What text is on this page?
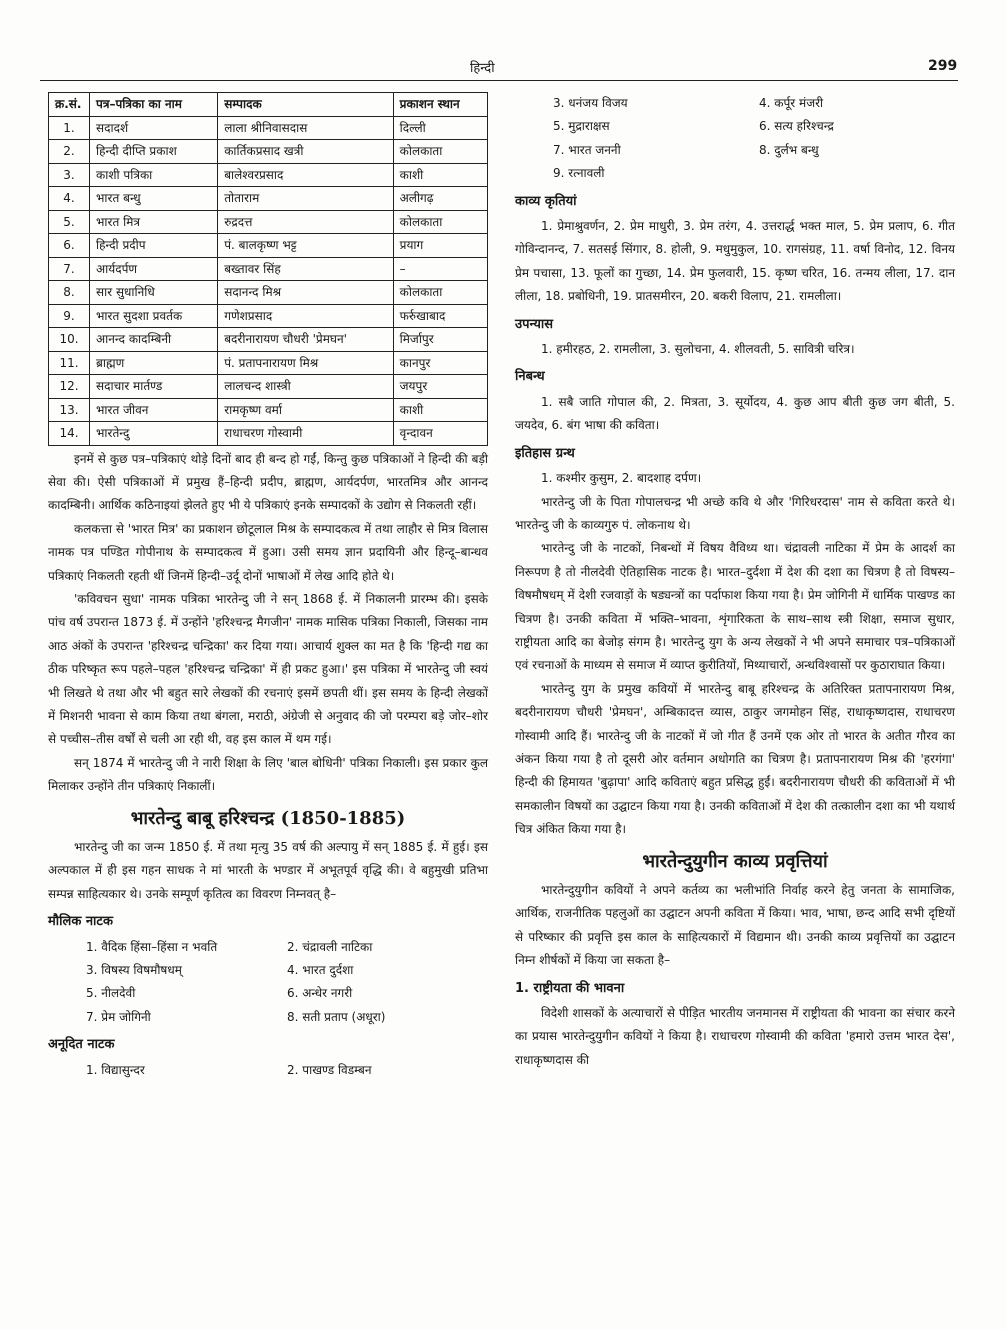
हिन्दी	299
क्र.सं.	पत्र–पत्रिका का नाम	सम्पादक	प्रकाशन स्थान
1.	सदादर्श	लाला श्रीनिवासदास	दिल्ली
2.	हिन्दी दीप्ति प्रकाश	कार्तिकप्रसाद खत्री	कोलकाता
3.	काशी पत्रिका	बालेश्वरप्रसाद	काशी
4.	भारत बन्धु	तोताराम	अलीगढ़
5.	भारत मित्र	रुद्रदत्त	कोलकाता
6.	हिन्दी प्रदीप	पं. बालकृष्ण भट्ट	प्रयाग
7.	आर्यदर्पण	बख्तावर सिंह	–
8.	सार सुधानिधि	सदानन्द मिश्र	कोलकाता
9.	भारत सुदशा प्रवर्तक	गणेशप्रसाद	फर्रुखाबाद
10.	आनन्द कादम्बिनी	बदरीनारायण चौधरी 'प्रेमघन'	मिर्जापुर
11.	ब्राह्मण	पं. प्रतापनारायण मिश्र	कानपुर
12.	सदाचार मार्तण्ड	लालचन्द शास्त्री	जयपुर
13.	भारत जीवन	रामकृष्ण वर्मा	काशी
14.	भारतेन्दु	राधाचरण गोस्वामी	वृन्दावन

इनमें से कुछ पत्र–पत्रिकाएं थोड़े दिनों बाद ही बन्द हो गईं, किन्तु कुछ पत्रिकाओं ने हिन्दी की बड़ी सेवा की। ऐसी पत्रिकाओं में प्रमुख हैं–हिन्दी प्रदीप, ब्राह्मण, आर्यदर्पण, भारतमित्र और आनन्द कादम्बिनी। आर्थिक कठिनाइयां झेलते हुए भी ये पत्रिकाएं इनके सम्पादकों के उद्योग से निकलती रहीं।

कलकत्ता से 'भारत मित्र' का प्रकाशन छोटूलाल मिश्र के सम्पादकत्व में तथा लाहौर से मित्र विलास नामक पत्र पण्डित गोपीनाथ के सम्पादकत्व में हुआ। उसी समय ज्ञान प्रदायिनी और हिन्दू–बान्धव पत्रिकाएं निकलती रहती थीं जिनमें हिन्दी–उर्दू दोनों भाषाओं में लेख आदि होते थे।

'कविवचन सुधा' नामक पत्रिका भारतेन्दु जी ने सन् 1868 ई. में निकालनी प्रारम्भ की। इसके पांच वर्ष उपरान्त 1873 ई. में उन्होंने 'हरिश्चन्द्र मैगजीन' नामक मासिक पत्रिका निकाली, जिसका नाम आठ अंकों के उपरान्त 'हरिश्चन्द्र चन्द्रिका' कर दिया गया। आचार्य शुक्ल का मत है कि 'हिन्दी गद्य का ठीक परिष्कृत रूप पहले–पहल 'हरिश्चन्द्र चन्द्रिका' में ही प्रकट हुआ।' इस पत्रिका में भारतेन्दु जी स्वयं भी लिखते थे तथा और भी बहुत सारे लेखकों की रचनाएं इसमें छपती थीं। इस समय के हिन्दी लेखकों में मिशनरी भावना से काम किया तथा बंगला, मराठी, अंग्रेजी से अनुवाद की जो परम्परा बड़े जोर–शोर से पच्चीस–तीस वर्षों से चली आ रही थी, वह इस काल में थम गई।

सन् 1874 में भारतेन्दु जी ने नारी शिक्षा के लिए 'बाल बोधिनी' पत्रिका निकाली। इस प्रकार कुल मिलाकर उन्होंने तीन पत्रिकाएं निकालीं।

भारतेन्दु बाबू हरिश्चन्द्र (1850-1885)

भारतेन्दु जी का जन्म 1850 ई. में तथा मृत्यु 35 वर्ष की अल्पायु में सन् 1885 ई. में हुई। इस अल्पकाल में ही इस गहन साधक ने मां भारती के भण्डार में अभूतपूर्व वृद्धि की। वे बहुमुखी प्रतिभा सम्पन्न साहित्यकार थे। उनके सम्पूर्ण कृतित्व का विवरण निम्नवत् है–

मौलिक नाटक
1. वैदिक हिंसा–हिंसा न भवति	2. चंद्रावली नाटिका
3. विषस्य विषमौषधम्	4. भारत दुर्दशा
5. नीलदेवी	6. अन्धेर नगरी
7. प्रेम जोगिनी	8. सती प्रताप (अधूरा)
अनूदित नाटक
1. विद्यासुन्दर	2. पाखण्ड विडम्बन
3. धनंजय विजय	4. कर्पूर मंजरी
5. मुद्राराक्षस	6. सत्य हरिश्चन्द्र
7. भारत जननी	8. दुर्लभ बन्धु
9. रत्नावली
काव्य कृतियां

1. प्रेमाश्रुवर्णन, 2. प्रेम माधुरी, 3. प्रेम तरंग, 4. उत्तरार्द्ध भक्त माल, 5. प्रेम प्रलाप, 6. गीत गोविन्दानन्द, 7. सतसई सिंगार, 8. होली, 9. मधुमुकुल, 10. रागसंग्रह, 11. वर्षा विनोद, 12. विनय प्रेम पचासा, 13. फूलों का गुच्छा, 14. प्रेम फुलवारी, 15. कृष्ण चरित, 16. तन्मय लीला, 17. दान लीला, 18. प्रबोधिनी, 19. प्रातसमीरन, 20. बकरी विलाप, 21. रामलीला।

उपन्यास

1. हमीरहठ, 2. रामलीला, 3. सुलोचना, 4. शीलवती, 5. सावित्री चरित्र।

निबन्ध

1. सबै जाति गोपाल की, 2. मित्रता, 3. सूर्योदय, 4. कुछ आप बीती कुछ जग बीती, 5. जयदेव, 6. बंग भाषा की कविता।

इतिहास ग्रन्थ

1. कश्मीर कुसुम, 2. बादशाह दर्पण।

भारतेन्दु जी के पिता गोपालचन्द्र भी अच्छे कवि थे और 'गिरिधरदास' नाम से कविता करते थे। भारतेन्दु जी के काव्यगुरु पं. लोकनाथ थे।

भारतेन्दु जी के नाटकों, निबन्धों में विषय वैविध्य था। चंद्रावली नाटिका में प्रेम के आदर्श का निरूपण है तो नीलदेवी ऐतिहासिक नाटक है। भारत–दुर्दशा में देश की दशा का चित्रण है तो विषस्य–विषमौषधम् में देशी रजवाड़ों के षड्यन्त्रों का पर्दाफाश किया गया है। प्रेम जोगिनी में धार्मिक पाखण्ड का चित्रण है। उनकी कविता में भक्ति–भावना, शृंगारिकता के साथ–साथ स्त्री शिक्षा, समाज सुधार, राष्ट्रीयता आदि का बेजोड़ संगम है। भारतेन्दु युग के अन्य लेखकों ने भी अपने समाचार पत्र–पत्रिकाओं एवं रचनाओं के माध्यम से समाज में व्याप्त कुरीतियों, मिथ्याचारों, अन्धविश्वासों पर कुठाराघात किया।

भारतेन्दु युग के प्रमुख कवियों में भारतेन्दु बाबू हरिश्चन्द्र के अतिरिक्त प्रतापनारायण मिश्र, बदरीनारायण चौधरी 'प्रेमघन', अम्बिकादत्त व्यास, ठाकुर जगमोहन सिंह, राधाकृष्णदास, राधाचरण गोस्वामी आदि हैं। भारतेन्दु जी के नाटकों में जो गीत हैं उनमें एक ओर तो भारत के अतीत गौरव का अंकन किया गया है तो दूसरी ओर वर्तमान अधोगति का चित्रण है। प्रतापनारायण मिश्र की 'हरगंगा' हिन्दी की हिमायत 'बुढ़ापा' आदि कविताएं बहुत प्रसिद्ध हुईं। बदरीनारायण चौधरी की कविताओं में भी समकालीन विषयों का उद्घाटन किया गया है। उनकी कविताओं में देश की तत्कालीन दशा का भी यथार्थ चित्र अंकित किया गया है।

भारतेन्दुयुगीन काव्य प्रवृत्तियां

भारतेन्दुयुगीन कवियों ने अपने कर्तव्य का भलीभांति निर्वाह करने हेतु जनता के सामाजिक, आर्थिक, राजनीतिक पहलुओं का उद्घाटन अपनी कविता में किया। भाव, भाषा, छन्द आदि सभी दृष्टियों से परिष्कार की प्रवृत्ति इस काल के साहित्यकारों में विद्यमान थी। उनकी काव्य प्रवृत्तियों का उद्घाटन निम्न शीर्षकों में किया जा सकता है–

1. राष्ट्रीयता की भावना

विदेशी शासकों के अत्याचारों से पीड़ित भारतीय जनमानस में राष्ट्रीयता की भावना का संचार करने का प्रयास भारतेन्दुयुगीन कवियों ने किया है। राधाचरण गोस्वामी की कविता 'हमारो उत्तम भारत देस', राधाकृष्णदास की
